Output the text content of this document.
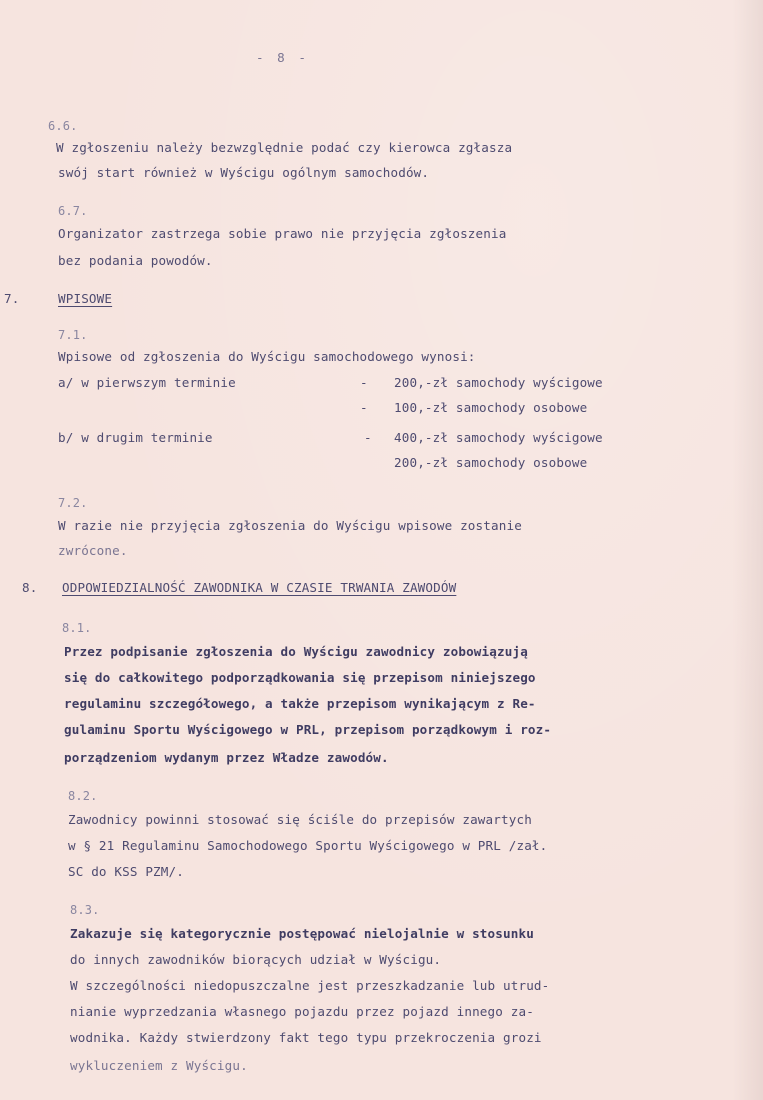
- 8 -
6.6.
W zgłoszeniu należy bezwzględnie podać czy kierowca zgłasza
swój start również w Wyścigu ogólnym samochodów.
6.7.
Organizator zastrzega sobie prawo nie przyjęcia zgłoszenia
bez podania powodów.
7.	WPISOWE
7.1.
Wpisowe od zgłoszenia do Wyścigu samochodowego wynosi:
a/ w pierwszym terminie	- 200,-zł samochody wyścigowe
- 100,-zł samochody osobowe
b/ w drugim terminie	- 400,-zł samochody wyścigowe
200,-zł samochody osobowe
7.2.
W razie nie przyjęcia zgłoszenia do Wyścigu wpisowe zostanie
zwrócone.
8. ODPOWIEDZIALNOŚĆ ZAWODNIKA W CZASIE TRWANIA ZAWODÓW
8.1.
Przez podpisanie zgłoszenia do Wyścigu zawodnicy zobowiązują
się do całkowitego podporządkowania się przepisom niniejszego
regulaminu szczegółowego, a także przepisom wynikającym z Re-
gulaminu Sportu Wyścigowego w PRL, przepisom porządkowym i roz-
porządzeniom wydanym przez Władze zawodów.
8.2.
Zawodnicy powinni stosować się ściśle do przepisów zawartych
w § 21 Regulaminu Samochodowego Sportu Wyścigowego w PRL /zał.
SC do KSS PZM/.
8.3.
Zakazuje się kategorycznie postępować nielojalnie w stosunku
do innych zawodników biorących udział w Wyścigu.
W szczególności niedopuszczalne jest przeszkadzanie lub utrud-
nianie wyprzedzania własnego pojazdu przez pojazd innego za-
wodnika. Każdy stwierdzony fakt tego typu przekroczenia grozi
wykluczeniem z Wyścigu.
